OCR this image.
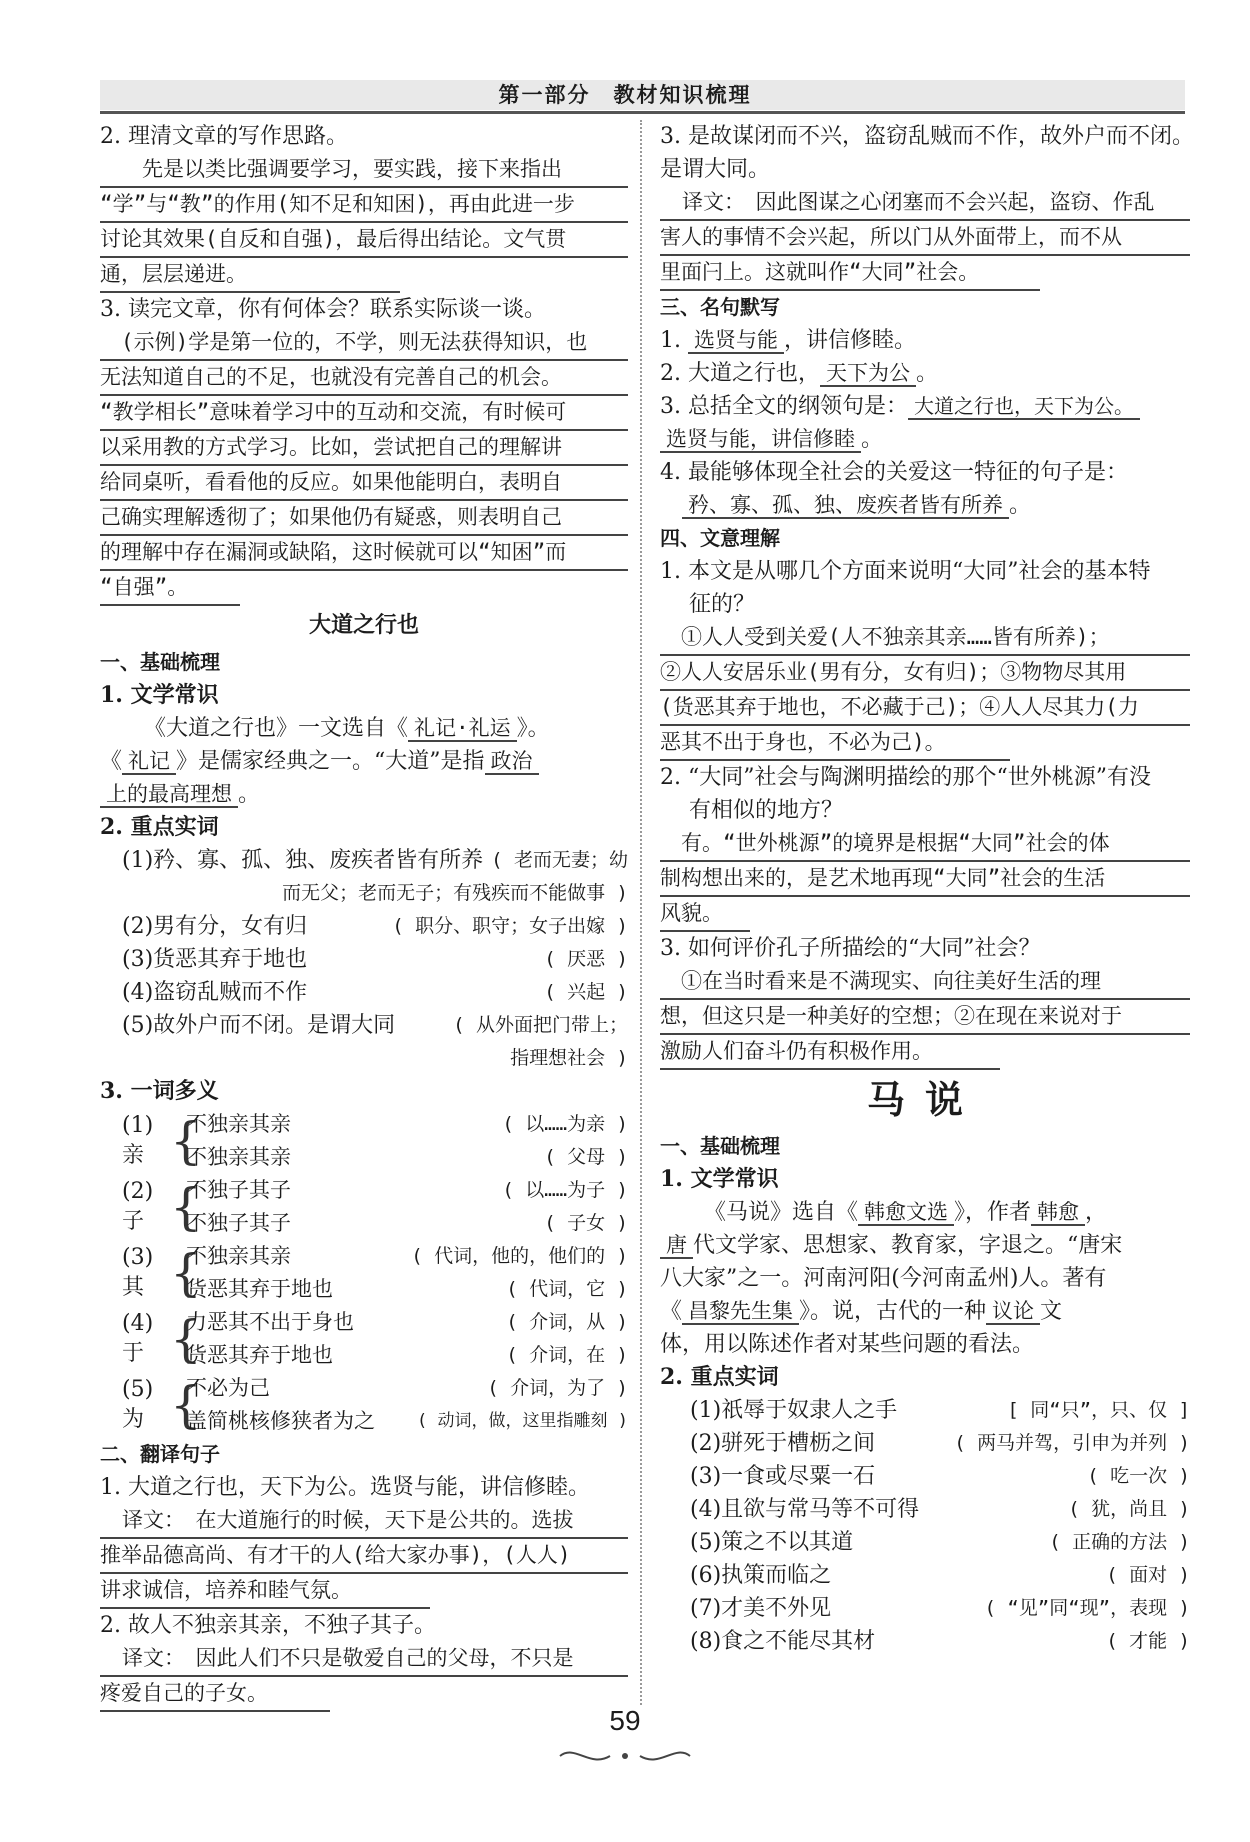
第一部分　教材知识梳理
2. 理清文章的写作思路。
　　先是以类比强调要学习，要实践，接下来指出
“学”与“教”的作用(知不足和知困)，再由此进一步
讨论其效果(自反和自强)，最后得出结论。文气贯
通，层层递进。
3. 读完文章，你有何体会？联系实际谈一谈。
　(示例)学是第一位的，不学，则无法获得知识，也
无法知道自己的不足，也就没有完善自己的机会。
“教学相长”意味着学习中的互动和交流，有时候可
以采用教的方式学习。比如，尝试把自己的理解讲
给同桌听，看看他的反应。如果他能明白，表明自
己确实理解透彻了；如果他仍有疑惑，则表明自己
的理解中存在漏洞或缺陷，这时候就可以“知困”而
“自强”。
大道之行也
一、基础梳理
1. 文学常识
《大道之行也》一文选自《 礼记·礼运 》。
《 礼记 》是儒家经典之一。“大道”是指 政治
上的最高理想 。
2. 重点实词
(1)矜、寡、孤、独、废疾者皆有所养 ( 老而无妻；幼
而无父；老而无子；有残疾而不能做事 )
(2)男有分，女有归	( 职分、职守；女子出嫁 )
(3)货恶其弃于地也	( 厌恶 )
(4)盗窃乱贼而不作	( 兴起 )
(5)故外户而不闭。是谓大同	( 从外面把门带上；
指理想社会 )
3. 一词多义
(1)亲 {
不独亲其亲	( 以……为亲 )
不独亲其亲	( 父母 )
(2)子 {
不独子其子	( 以……为子 )
不独子其子	( 子女 )
(3)其 {
不独亲其亲	( 代词，他的，他们的 )
货恶其弃于地也	( 代词，它 )
(4)于 {
力恶其不出于身也	( 介词，从 )
货恶其弃于地也	( 介词，在 )
(5)为 {
不必为己	( 介词，为了 )
盖简桃核修狭者为之 ( 动词，做，这里指雕刻 )
二、翻译句子
1. 大道之行也，天下为公。选贤与能，讲信修睦。
译文：　在大道施行的时候，天下是公共的。选拔
推举品德高尚、有才干的人(给大家办事)，(人人)
讲求诚信，培养和睦气氛。
2. 故人不独亲其亲，不独子其子。
译文：　因此人们不只是敬爱自己的父母，不只是
疼爱自己的子女。
3. 是故谋闭而不兴，盗窃乱贼而不作，故外户而不闭。
是谓大同。
译文：　因此图谋之心闭塞而不会兴起，盗窃、作乱
害人的事情不会兴起，所以门从外面带上，而不从
里面闩上。这就叫作“大同”社会。
三、名句默写
1. 选贤与能 ，讲信修睦。
2. 大道之行也， 天下为公 。
3. 总括全文的纲领句是： 大道之行也，天下为公。
选贤与能，讲信修睦 。
4. 最能够体现全社会的关爱这一特征的句子是：
矜、寡、孤、独、废疾者皆有所养 。
四、文意理解
1. 本文是从哪几个方面来说明“大同”社会的基本特
　 征的？
　①人人受到关爱(人不独亲其亲……皆有所养)；
②人人安居乐业(男有分，女有归)；③物物尽其用
(货恶其弃于地也，不必藏于己)；④人人尽其力(力
恶其不出于身也，不必为己)。
2. “大同”社会与陶渊明描绘的那个“世外桃源”有没
　 有相似的地方？
　有。“世外桃源”的境界是根据“大同”社会的体
制构想出来的，是艺术地再现“大同”社会的生活
风貌。
3. 如何评价孔子所描绘的“大同”社会？
　①在当时看来是不满现实、向往美好生活的理
想，但这只是一种美好的空想；②在现在来说对于
激励人们奋斗仍有积极作用。
马说
一、基础梳理
1. 文学常识
《马说》选自《 韩愈文选 》，作者 韩愈 ，
唐 代文学家、思想家、教育家，字退之。“唐宋
八大家”之一。河南河阳(今河南孟州)人。著有
《 昌黎先生集 》。说，古代的一种 议论 文
体，用以陈述作者对某些问题的看法。
2. 重点实词
(1)祇辱于奴隶人之手	[ 同“只”，只、仅 ]
(2)骈死于槽枥之间	( 两马并驾，引申为并列 )
(3)一食或尽粟一石	( 吃一次 )
(4)且欲与常马等不可得	( 犹，尚且 )
(5)策之不以其道	( 正确的方法 )
(6)执策而临之	( 面对 )
(7)才美不外见	( “见”同“现”，表现 )
(8)食之不能尽其材	( 才能 )
59
